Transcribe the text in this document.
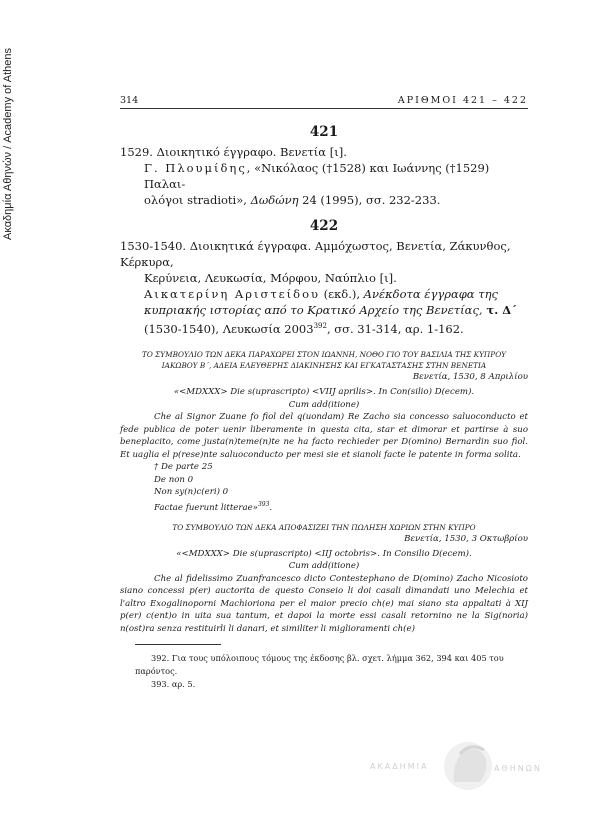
Ακαδημία Αθηνών / Academy of Athens	314	ΑΡΙΘΜΟΙ 421 – 422
421
1529. Διοικητικό έγγραφο. Βενετία [ι].
Γ. Πλουμίδης, «Νικόλαος (†1528) και Ιωάννης (†1529) Παλαι-
ολόγοι stradioti», Δωδώνη 24 (1995), σσ. 232-233.
422
1530-1540. Διοικητικά έγγραφα. Αμμόχωστος, Βενετία, Ζάκυνθος, Κέρκυρα,
Κερύνεια, Λευκωσία, Μόρφου, Ναύπλιο [ι].
Αικατερίνη Αριστείδου (εκδ.), Ανέκδοτα έγγραφα της
κυπριακής ιστορίας από το Κρατικό Αρχείο της Βενετίας, τ. Δ΄
(1530-1540), Λευκωσία 2003$^{392}$, σσ. 31-314, αρ. 1-162.
ΤΟ ΣΥΜΒΟΥΛΙΟ ΤΩΝ ΔΕΚΑ ΠΑΡΑΧΩΡΕΙ ΣΤΟΝ ΙΩΑΝΝΗ, ΝΟΘΟ ΓΙΟ ΤΟΥ ΒΑΣΙΛΙΑ ΤΗΣ ΚΥΠΡΟΥ
ΙΑΚΩΒΟΥ Β΄, ΑΔΕΙΑ ΕΛΕΥΘΕΡΗΣ ΔΙΑΚΙΝΗΣΗΣ ΚΑΙ ΕΓΚΑΤΑΣΤΑΣΗΣ ΣΤΗΝ ΒΕΝΕΤΙΑ
Βενετία, 1530, 8 Απριλίου
«<MDXXX> Die s(uprascripto) <VIIJ aprilis>. In Con(silio) D(ecem).
Cum add(itione)
Che al Signor Zuane fo fiol del q(uondam) Re Zacho sia concesso saluoconducto et fede publica de poter uenir liberamente in questa cita, star et dimorar et partirse à suo beneplacito, come justa(n)teme(n)te ne ha facto rechieder per D(omino) Bernardin suo fiol. Et uaglia el p(rese)nte saluoconducto per mesi sie et sianoli facte le patente in forma solita.
† De parte 25
De non 0
Non sy(n)c(eri) 0
Factae fuerunt litterae»$^{393}$.
ΤΟ ΣΥΜΒΟΥΛΙΟ ΤΩΝ ΔΕΚΑ ΑΠΟΦΑΣΙΖΕΙ ΤΗΝ ΠΩΛΗΣΗ ΧΩΡΙΩΝ ΣΤΗΝ ΚΥΠΡΟ
Βενετία, 1530, 3 Οκτωβρίου
«<MDXXX> Die s(uprascripto) <IIJ octobris>. In Consilio D(ecem).
Cum add(itione)
Che al fidelissimo Zuanfrancesco dicto Contestephano de D(omino) Zacho Nicosioto siano concessi p(er) auctorita de questo Conseio li doi casali dimandati uno Melechia et l'altro Exogalinoporni Machioriona per el maior precio ch(e) mai siano sta appaltati à XIJ p(er) c(ent)o in uita sua tantum, et dapoi la morte essi casali retornino ne la Sig(noria) n(ost)ra senza restituirli li danari, et similiter li miglioramenti ch(e)
392. Για τους υπόλοιπους τόμους της έκδοσης βλ. σχετ. λήμμα 362, 394 και 405 του παρόντος.
393. αρ. 5.
ΑΚΑΔΗΜΙΑ	ΑΘΗΝΩΝ
